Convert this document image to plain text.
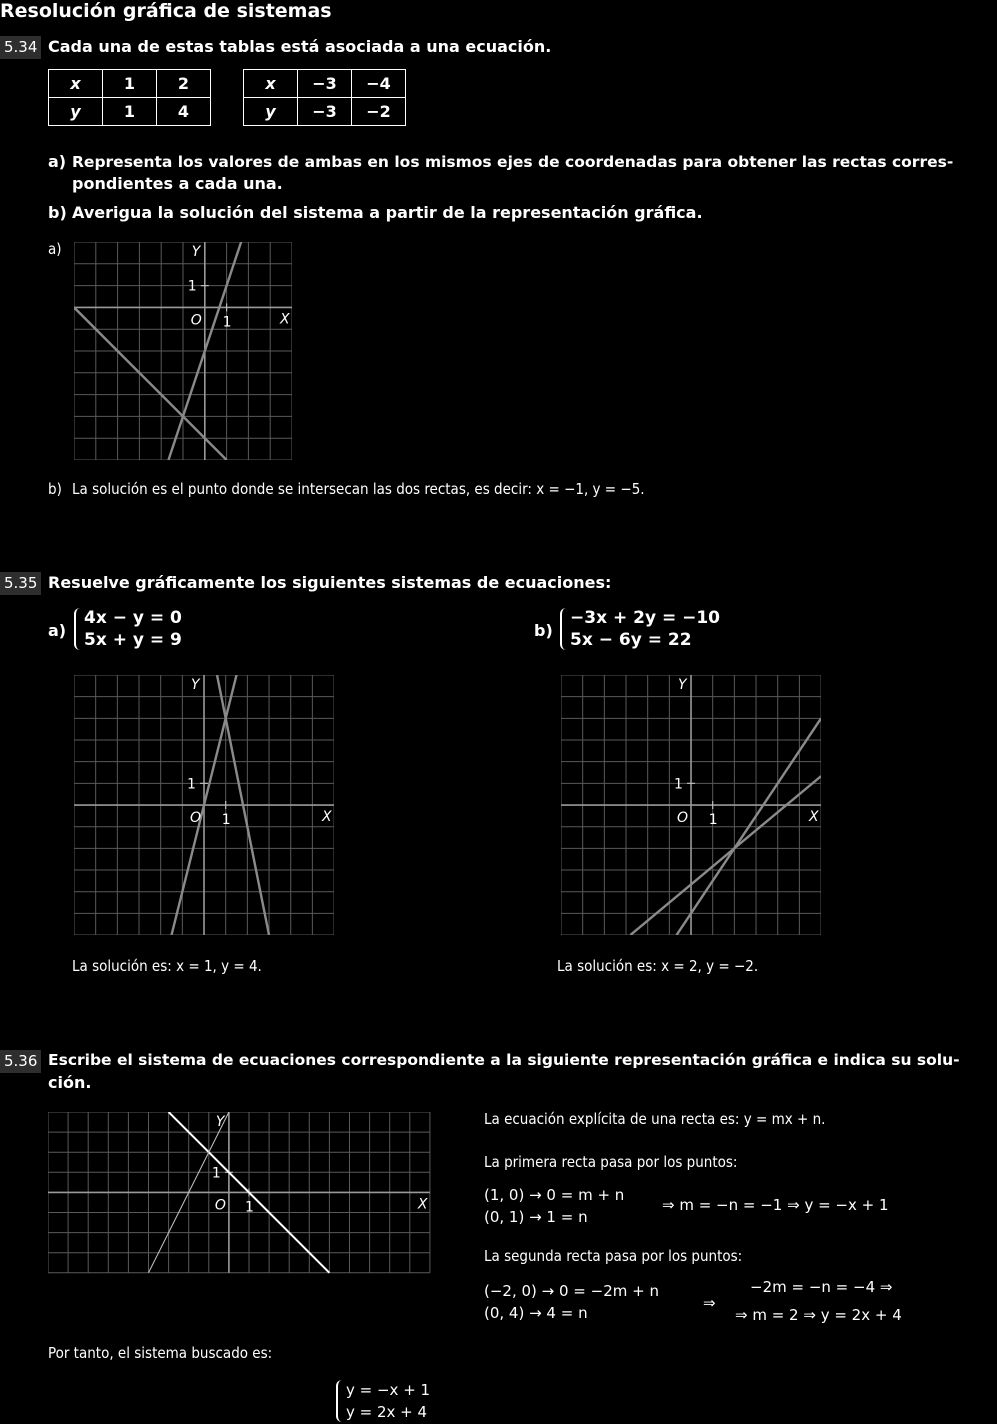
Resolución gráfica de sistemas
5.34 Cada una de estas tablas está asociada a una ecuación.
x	1	2
y	1	4
x	−3	−4
y	−3	−2
a) Representa los valores de ambas en los mismos ejes de coordenadas para obtener las rectas corres-
pondientes a cada una.
b) Averigua la solución del sistema a partir de la representación gráfica.
a)
X
Y
O 1
1
b) La solución es el punto donde se intersecan las dos rectas, es decir: x = −1, y = −5.
5.35 Resuelve gráficamente los siguientes sistemas de ecuaciones:
a)
4x − y = 0
5x + y = 9	b)
−3x + 2y = −10
5x − 6y = 22
X
Y
O 1
1
X
Y
O 1
1
La solución es: x = 1, y = 4.	La solución es: x = 2, y = −2.
5.36 Escribe el sistema de ecuaciones correspondiente a la siguiente representación gráfica e indica su solu-
ción.
X
Y
O 1
1
La ecuación explícita de una recta es: y = mx + n.
La primera recta pasa por los puntos:
(1, 0) → 0 = m + n
(0, 1) → 1 = n
⇒ m = −n = −1 ⇒ y = −x + 1
La segunda recta pasa por los puntos:
(−2, 0) → 0 = −2m + n
(0, 4) → 4 = n
⇒
−2m = −n = −4 ⇒
⇒ m = 2 ⇒ y = 2x + 4
Por tanto, el sistema buscado es:
y = −x + 1
y = 2x + 4
